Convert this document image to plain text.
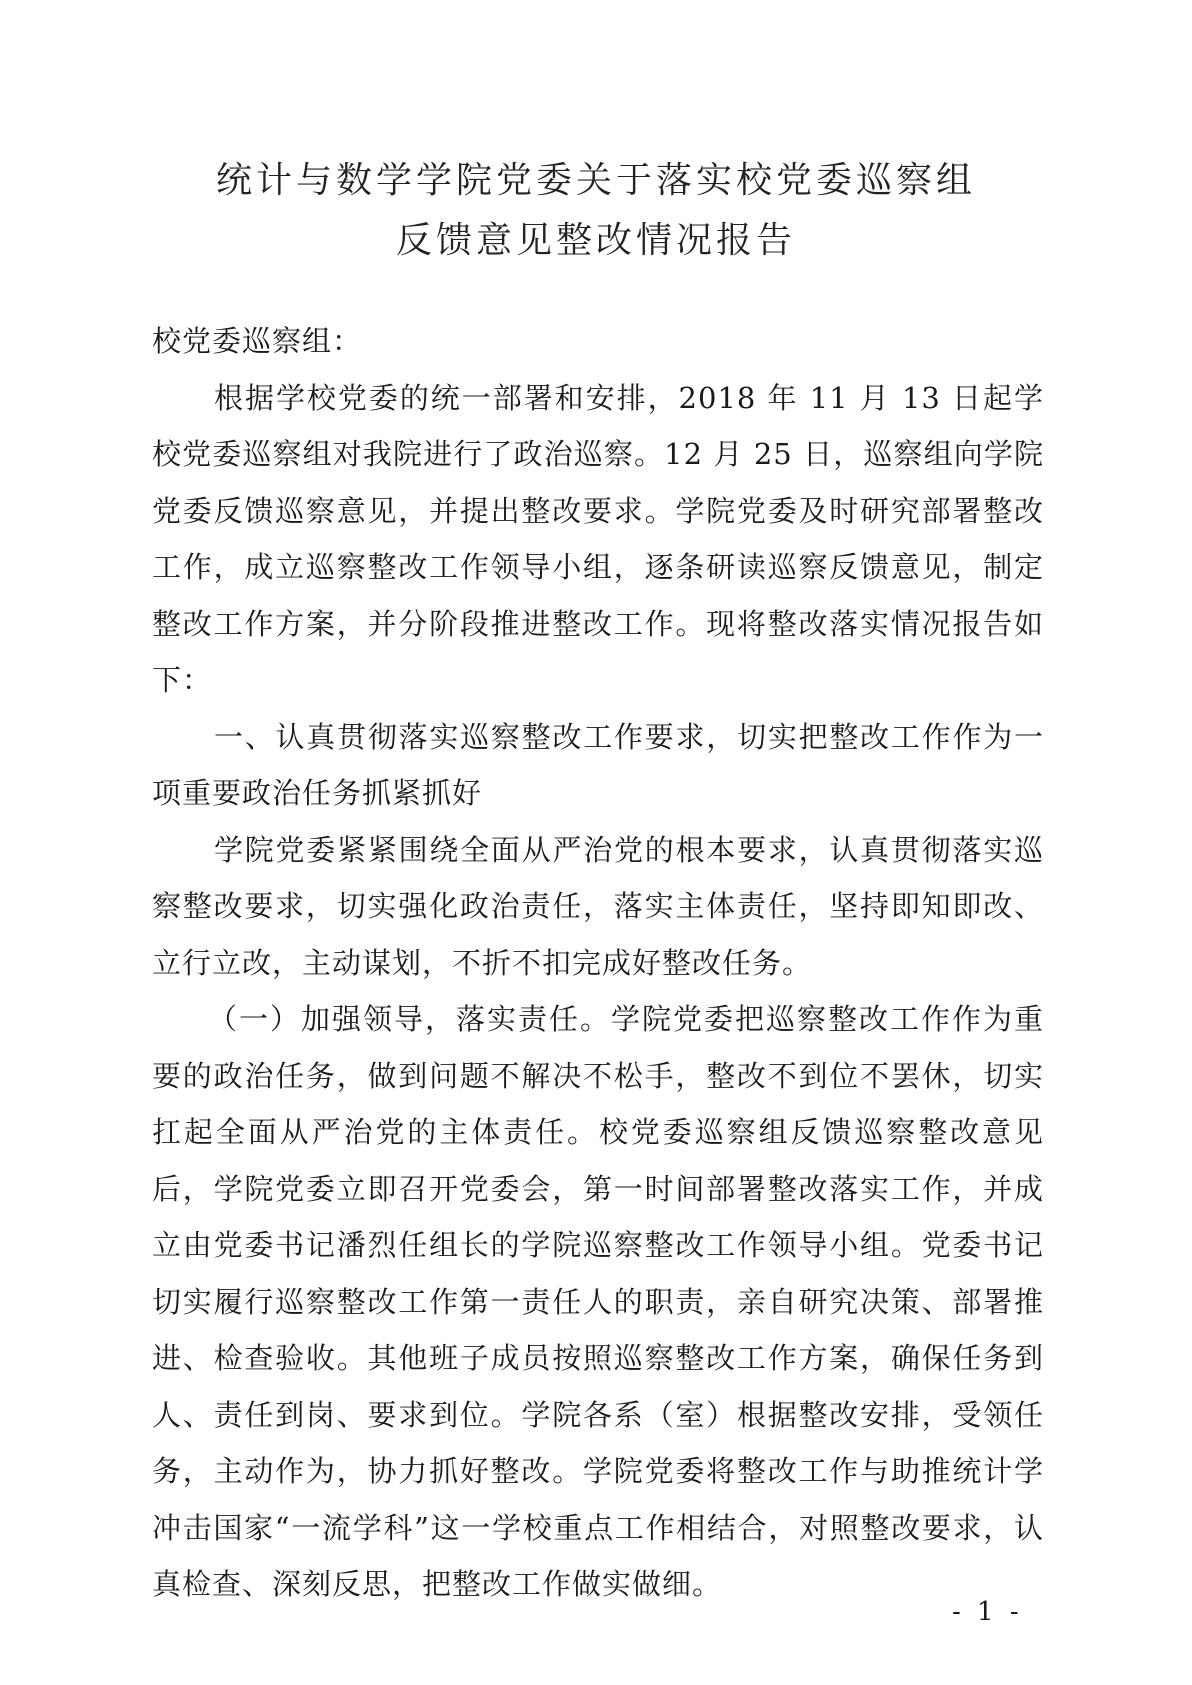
统计与数学学院党委关于落实校党委巡察组
反馈意见整改情况报告

校党委巡察组：

根据学校党委的统一部署和安排，2018 年 11 月 13 日起学校党委巡察组对我院进行了政治巡察。12 月 25 日，巡察组向学院党委反馈巡察意见，并提出整改要求。学院党委及时研究部署整改工作，成立巡察整改工作领导小组，逐条研读巡察反馈意见，制定整改工作方案，并分阶段推进整改工作。现将整改落实情况报告如下：

一、认真贯彻落实巡察整改工作要求，切实把整改工作作为一项重要政治任务抓紧抓好

学院党委紧紧围绕全面从严治党的根本要求，认真贯彻落实巡察整改要求，切实强化政治责任，落实主体责任，坚持即知即改、立行立改，主动谋划，不折不扣完成好整改任务。

（一）加强领导，落实责任。学院党委把巡察整改工作作为重要的政治任务，做到问题不解决不松手，整改不到位不罢休，切实扛起全面从严治党的主体责任。校党委巡察组反馈巡察整改意见后，学院党委立即召开党委会，第一时间部署整改落实工作，并成立由党委书记潘烈任组长的学院巡察整改工作领导小组。党委书记切实履行巡察整改工作第一责任人的职责，亲自研究决策、部署推进、检查验收。其他班子成员按照巡察整改工作方案，确保任务到人、责任到岗、要求到位。学院各系（室）根据整改安排，受领任务，主动作为，协力抓好整改。学院党委将整改工作与助推统计学冲击国家“一流学科”这一学校重点工作相结合，对照整改要求，认真检查、深刻反思，把整改工作做实做细。

- 1 -
